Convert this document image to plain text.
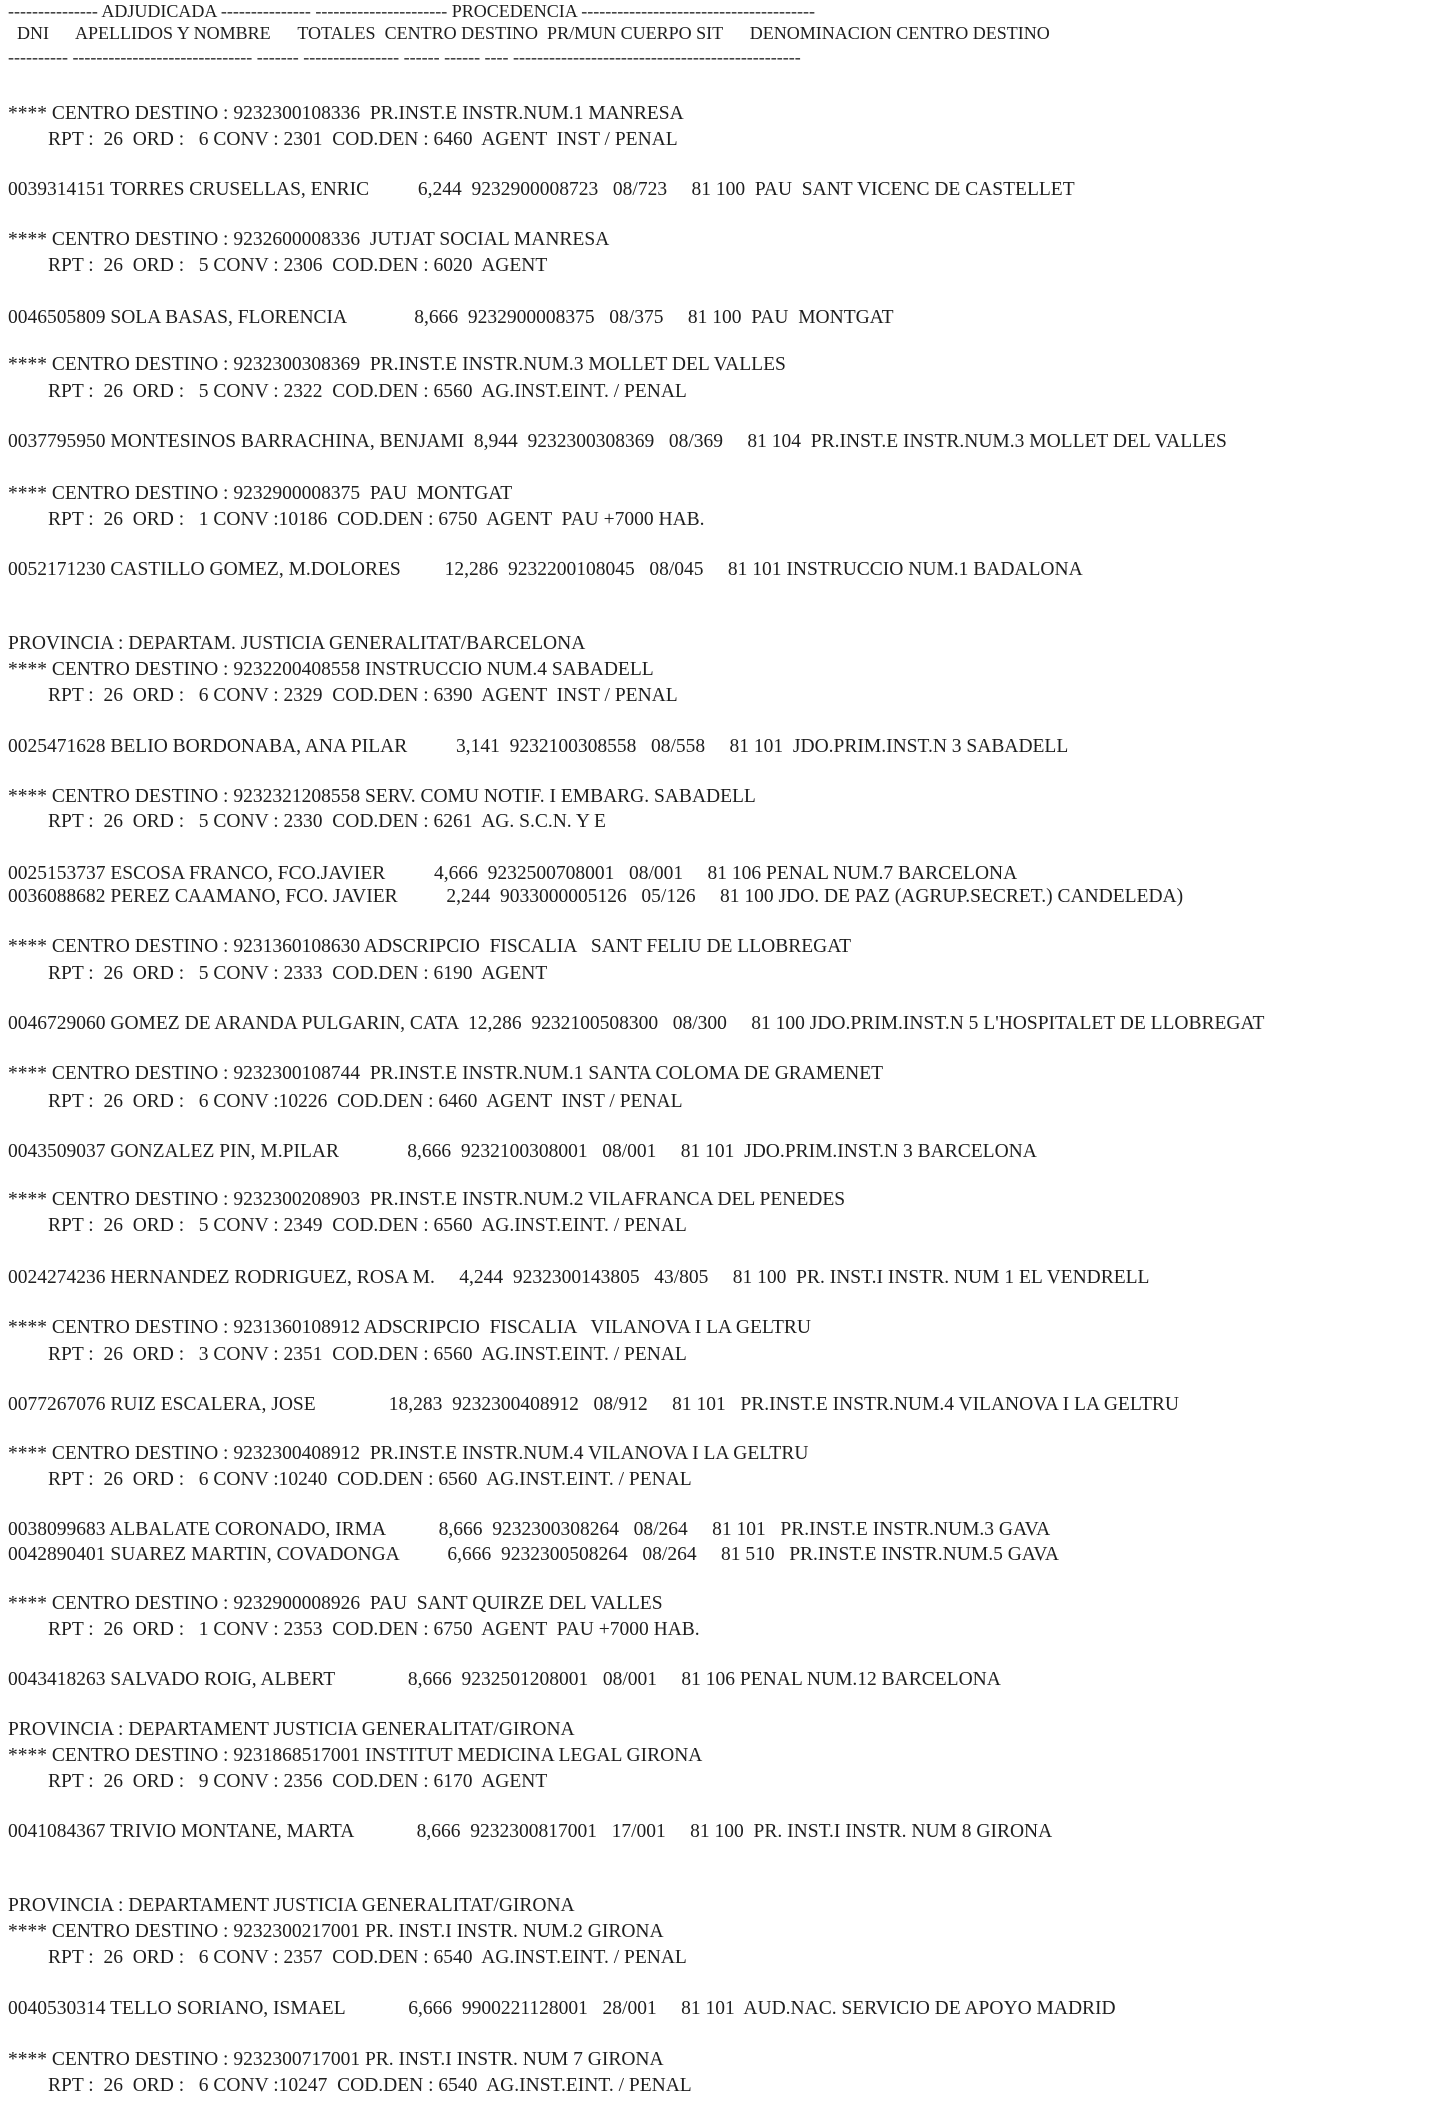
--------------- ADJUDICADA --------------- ---------------------- PROCEDENCIA ---------------------------------------
DNI      APELLIDOS Y NOMBRE      TOTALES  CENTRO DESTINO  PR/MUN CUERPO SIT      DENOMINACION CENTRO DESTINO
---------- ------------------------------ ------- ---------------- ------ ------ ---- ------------------------------------------------
**** CENTRO DESTINO : 9232300108336  PR.INST.E INSTR.NUM.1 MANRESA
RPT :  26  ORD :   6 CONV : 2301  COD.DEN : 6460  AGENT  INST / PENAL
0039314151 TORRES CRUSELLAS, ENRIC          6,244  9232900008723   08/723     81 100  PAU  SANT VICENC DE CASTELLET
**** CENTRO DESTINO : 9232600008336  JUTJAT SOCIAL MANRESA
RPT :  26  ORD :   5 CONV : 2306  COD.DEN : 6020  AGENT
0046505809 SOLA BASAS, FLORENCIA              8,666  9232900008375   08/375     81 100  PAU  MONTGAT
**** CENTRO DESTINO : 9232300308369  PR.INST.E INSTR.NUM.3 MOLLET DEL VALLES
RPT :  26  ORD :   5 CONV : 2322  COD.DEN : 6560  AG.INST.EINT. / PENAL
0037795950 MONTESINOS BARRACHINA, BENJAMI  8,944  9232300308369   08/369     81 104  PR.INST.E INSTR.NUM.3 MOLLET DEL VALLES
**** CENTRO DESTINO : 9232900008375  PAU  MONTGAT
RPT :  26  ORD :   1 CONV :10186  COD.DEN : 6750  AGENT  PAU +7000 HAB.
0052171230 CASTILLO GOMEZ, M.DOLORES         12,286  9232200108045   08/045     81 101 INSTRUCCIO NUM.1 BADALONA
PROVINCIA : DEPARTAM. JUSTICIA GENERALITAT/BARCELONA
**** CENTRO DESTINO : 9232200408558 INSTRUCCIO NUM.4 SABADELL
RPT :  26  ORD :   6 CONV : 2329  COD.DEN : 6390  AGENT  INST / PENAL
0025471628 BELIO BORDONABA, ANA PILAR          3,141  9232100308558   08/558     81 101  JDO.PRIM.INST.N 3 SABADELL
**** CENTRO DESTINO : 9232321208558 SERV. COMU NOTIF. I EMBARG. SABADELL
RPT :  26  ORD :   5 CONV : 2330  COD.DEN : 6261  AG. S.C.N. Y E
0025153737 ESCOSA FRANCO, FCO.JAVIER          4,666  9232500708001   08/001     81 106 PENAL NUM.7 BARCELONA
0036088682 PEREZ CAAMANO, FCO. JAVIER          2,244  9033000005126   05/126     81 100 JDO. DE PAZ (AGRUP.SECRET.) CANDELEDA)
**** CENTRO DESTINO : 9231360108630 ADSCRIPCIO  FISCALIA   SANT FELIU DE LLOBREGAT
RPT :  26  ORD :   5 CONV : 2333  COD.DEN : 6190  AGENT
0046729060 GOMEZ DE ARANDA PULGARIN, CATA  12,286  9232100508300   08/300     81 100 JDO.PRIM.INST.N 5 L'HOSPITALET DE LLOBREGAT
**** CENTRO DESTINO : 9232300108744  PR.INST.E INSTR.NUM.1 SANTA COLOMA DE GRAMENET
RPT :  26  ORD :   6 CONV :10226  COD.DEN : 6460  AGENT  INST / PENAL
0043509037 GONZALEZ PIN, M.PILAR              8,666  9232100308001   08/001     81 101  JDO.PRIM.INST.N 3 BARCELONA
**** CENTRO DESTINO : 9232300208903  PR.INST.E INSTR.NUM.2 VILAFRANCA DEL PENEDES
RPT :  26  ORD :   5 CONV : 2349  COD.DEN : 6560  AG.INST.EINT. / PENAL
0024274236 HERNANDEZ RODRIGUEZ, ROSA M.     4,244  9232300143805   43/805     81 100  PR. INST.I INSTR. NUM 1 EL VENDRELL
**** CENTRO DESTINO : 9231360108912 ADSCRIPCIO  FISCALIA   VILANOVA I LA GELTRU
RPT :  26  ORD :   3 CONV : 2351  COD.DEN : 6560  AG.INST.EINT. / PENAL
0077267076 RUIZ ESCALERA, JOSE               18,283  9232300408912   08/912     81 101   PR.INST.E INSTR.NUM.4 VILANOVA I LA GELTRU
**** CENTRO DESTINO : 9232300408912  PR.INST.E INSTR.NUM.4 VILANOVA I LA GELTRU
RPT :  26  ORD :   6 CONV :10240  COD.DEN : 6560  AG.INST.EINT. / PENAL
0038099683 ALBALATE CORONADO, IRMA           8,666  9232300308264   08/264     81 101   PR.INST.E INSTR.NUM.3 GAVA
0042890401 SUAREZ MARTIN, COVADONGA          6,666  9232300508264   08/264     81 510   PR.INST.E INSTR.NUM.5 GAVA
**** CENTRO DESTINO : 9232900008926  PAU  SANT QUIRZE DEL VALLES
RPT :  26  ORD :   1 CONV : 2353  COD.DEN : 6750  AGENT  PAU +7000 HAB.
0043418263 SALVADO ROIG, ALBERT               8,666  9232501208001   08/001     81 106 PENAL NUM.12 BARCELONA
PROVINCIA : DEPARTAMENT JUSTICIA GENERALITAT/GIRONA
**** CENTRO DESTINO : 9231868517001 INSTITUT MEDICINA LEGAL GIRONA
RPT :  26  ORD :   9 CONV : 2356  COD.DEN : 6170  AGENT
0041084367 TRIVIO MONTANE, MARTA             8,666  9232300817001   17/001     81 100  PR. INST.I INSTR. NUM 8 GIRONA
PROVINCIA : DEPARTAMENT JUSTICIA GENERALITAT/GIRONA
**** CENTRO DESTINO : 9232300217001 PR. INST.I INSTR. NUM.2 GIRONA
RPT :  26  ORD :   6 CONV : 2357  COD.DEN : 6540  AG.INST.EINT. / PENAL
0040530314 TELLO SORIANO, ISMAEL             6,666  9900221128001   28/001     81 101  AUD.NAC. SERVICIO DE APOYO MADRID
**** CENTRO DESTINO : 9232300717001 PR. INST.I INSTR. NUM 7 GIRONA
RPT :  26  ORD :   6 CONV :10247  COD.DEN : 6540  AG.INST.EINT. / PENAL
